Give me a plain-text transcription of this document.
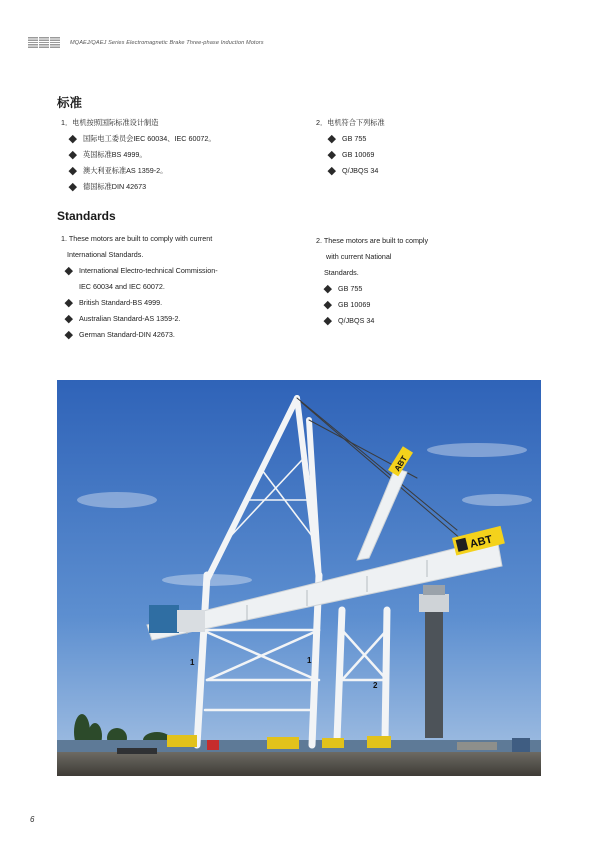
MQAEJ/QAEJ Series Electromagnetic Brake Three-phase Induction Motors
标准
1．电机按照国际标准设计制造
国际电工委员会IEC 60034、IEC 60072。
英国标准BS 4999。
澳大利亚标准AS 1359-2。
德国标准DIN 42673
2．电机符合下列标准
GB 755
GB 10069
Q/JBQS 34
Standards
1. These motors are built to comply with current
International Standards.
International Electro-technical Commission-
IEC 60034 and IEC 60072.
British Standard-BS 4999.
Australian Standard-AS 1359-2.
German Standard-DIN 42673.
2. These motors are built to comply
with current National
Standards.
GB 755
GB 10069
Q/JBQS 34
ABT
ABT
1	1
2
6
